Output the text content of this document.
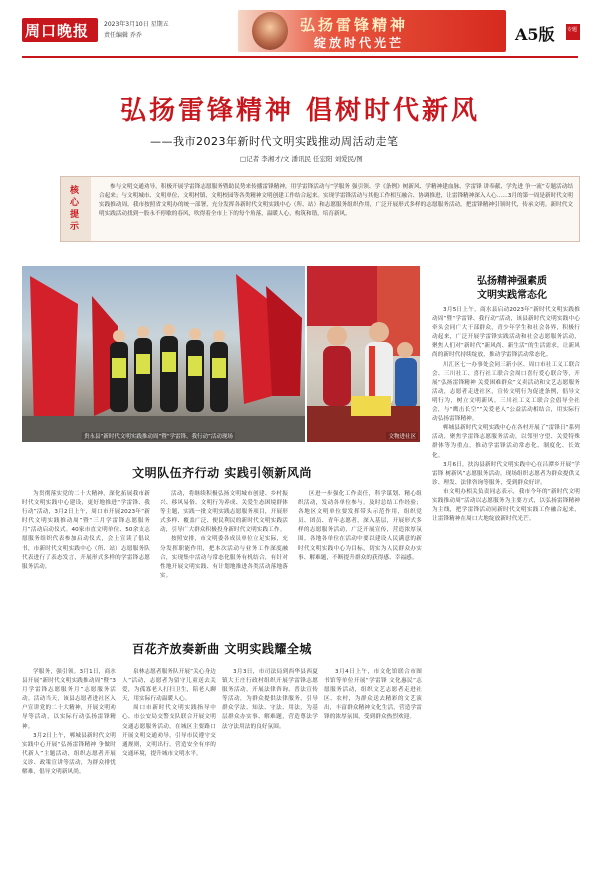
周口晚报 2023年3月10日 星期五
责任编辑 乔乔
弘扬雷锋精神
绽放时代光芒	A5版 专题
弘扬雷锋精神 倡树时代新风
——我市2023年新时代文明实践推动周活动走笔
□记者 李湘才/文 潘讯民 任宏阳 刘爱民/图
核心提示
参与文明交通劝导，积极开展学雷锋志愿服务暨助民势来传播雷锋精神，用学雷锋活动与“学服务 强引领、学《条例》树新风、学精神建血脉、学雷锋 讲奉献、学先进 争一流”专题活动结合起来；与文明城市、文明单位、文明村镇、文明校园等各类精神文明创建工作结合起来。实现学雷锋活动与其他工作相互融合、协调推进，让雷锋精神深入人心……3月的第一周是新时代文明实践推动周。我市按照省文明办的统一部署，充分发挥各新时代文明实践中心（所、站）和志愿服务组织作用，广泛开展形式多样的志愿服务活动，把雷锋精神引领时代，传承文明。新时代文明实践活动找到一股永不停歇的春风，吹得着全市上下的每个角落，温暖人心，构筑和谐，培育新风。
贵永县“新时代文明实践推动周”暨“学雷锋、我行动”活动现场	文物进社区
弘扬精神强素质
文明实践常态化

3月5日上午，商水县启动2023年“新时代文明实践推动周”暨“学雷锋、我行动”活动，该县新时代文明实践中心牵头会同广大干部群众，青少年学生和社会各界，积极行动起来，广泛开展学雷锋实践活动和社会志愿服务活动，聚焦人们对“新时代”新风尚、新生活”的生活需求，让新风尚的新时代持续绽放，推动学雷锋活动常态化。

川汇区七一办事处会同三新小区、周口市社工义工联合会、三川社工、喜行社工联合会周口喜行爱心联合等，开展“弘扬雷锋精神 关爱困难群众”义卖活动和文艺志愿服务活动，志愿者走进社区，宣传文明行为促进条例，倡导文明行为，树立文明新风。三川社工义工联合会倡导全社会，与“鹰击长空”“关爱老人”公益活动相结合，用实际行动弘扬雷锋精神。

郸城县新时代文明实践中心在各村开展了“雷锋日”系列活动，聚焦学雷锋志愿服务活动，以邻里守望、关爱特殊群体等为重点，推动学雷锋活动常态化、制度化、长效化。

3月6日，扶沟县新时代文明实践中心在吕潭乡开展“学雷锋 树新风”志愿服务活动。现场组织志愿者为群众提供义诊、理发、法律咨询等服务，受到群众好评。

市文明办相关负责同志表示，我市今年的“新时代文明实践推动周”活动以志愿服务为主要方式，以弘扬雷锋精神为主线，把学雷锋活动同新时代文明实践工作融合起来，让雷锋精神在周口大地绽放新时代光芒。

文明队伍齐行动 实践引领新风尚

为贯彻落实党的二十大精神，深化拓展我市新时代文明实践中心建设，更好地推进“学雷锋、我行动”活动，3月2日上午，周口市开展2023年“新时代文明实践推动周”暨“三月学雷锋志愿服务月”活动启动仪式。40家市直文明单位、50余支志愿服务组织代表参加启动仪式，会上宣读了倡议书，市新时代文明实践中心（所、站）志愿服务队代表进行了表态发言，开展形式多样的学雷锋志愿服务活动。

活动，将继续积极弘扬文明城市创建、乡村振兴、移风易俗、文明行为养成、关爱生态困境群体等主题，实践一批文明实践志愿服务项目，开展形式多样、覆盖广泛、便民利民的新时代文明实践活动，引导广大群众积极投身新时代文明实践工作。

按照安排，市文明委各成员单位立足实际，充分发挥职能作用，把本次活动与业务工作深度融合，实现集中活动与常态化服务有机结合，有针对性地开展文明实践、有计划地推进各类活动落地落实。

区进一步强化工作责任，科学谋划、精心组织活动，发动各单位参与，及时总结工作经验；各地区文明单位要发挥带头示范作用，组织党员、团员、青年志愿者，深入基层，开展形式多样的志愿服务活动，广泛开展宣传，营造浓厚氛围。各地各单位在活动中要以建设人民满意的新时代文明实践中心为目标，切实为人民群众办实事、解难题，不断提升群众的获得感、幸福感。

百花齐放奏新曲 文明实践耀全城

学服务，强引领。3月1日，商水县开展“新时代文明实践推动周”暨“3月学雷锋志愿服务月”志愿服务活动。活动当天，该县志愿者进社区入户宣讲党的二十大精神，开展文明劝导等活动，以实际行动弘扬雷锋精神。

3月2日上午，郸城县新时代文明实践中心开展“弘扬雷锋精神 争做时代新人”主题活动，组织志愿者开展义诊、政策宣讲等活动，为群众排忧解难，倡导文明新风尚。

泉林志愿者服务队开展“关心身边人”活动，志愿者为留守儿童送去关爱，为孤寡老人打扫卫生，陪老人聊天，用实际行动温暖人心。

周口市新时代文明实践指导中心、市公安局交警支队联合开展文明交通志愿服务活动，在城区主要路口开展文明交通劝导，引导市民遵守交通规则，文明出行，营造安全有序的交通环境，提升城市文明水平。

3月3日，市司法局到西华县西夏镇大王庄行政村组织开展学雷锋志愿服务活动，开展法律咨询、普法宣传等活动，为群众提供法律服务，引导群众学法、知法、守法、用法，为基层群众办实事、解难题，营造尊法学法守法用法的良好氛围。

3月4日上午，市文化馆联合市图书馆等单位开展“学雷锋 文化惠民”志愿服务活动，组织文艺志愿者走进社区、农村，为群众送去精彩的文艺演出，丰富群众精神文化生活，营造学雷锋的浓厚氛围，受到群众热烈欢迎。
